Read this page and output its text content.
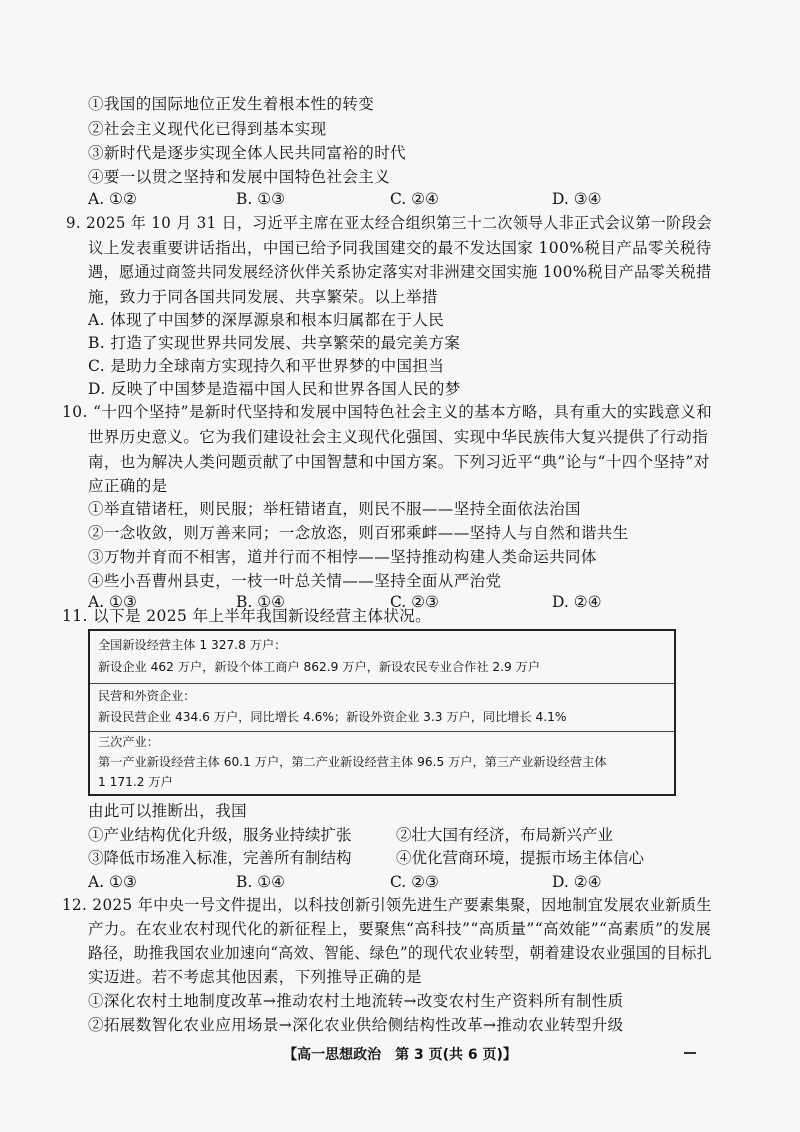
①我国的国际地位正发生着根本性的转变
②社会主义现代化已得到基本实现
③新时代是逐步实现全体人民共同富裕的时代
④要一以贯之坚持和发展中国特色社会主义
A. ①②	B. ①③	C. ②④	D. ③④
9. 2025 年 10 月 31 日，习近平主席在亚太经合组织第三十二次领导人非正式会议第一阶段会
议上发表重要讲话指出，中国已给予同我国建交的最不发达国家 100%税目产品零关税待
遇，愿通过商签共同发展经济伙伴关系协定落实对非洲建交国实施 100%税目产品零关税措
施，致力于同各国共同发展、共享繁荣。以上举措
A. 体现了中国梦的深厚源泉和根本归属都在于人民
B. 打造了实现世界共同发展、共享繁荣的最完美方案
C. 是助力全球南方实现持久和平世界梦的中国担当
D. 反映了中国梦是造福中国人民和世界各国人民的梦
10. “十四个坚持”是新时代坚持和发展中国特色社会主义的基本方略，具有重大的实践意义和
世界历史意义。它为我们建设社会主义现代化强国、实现中华民族伟大复兴提供了行动指
南，也为解决人类问题贡献了中国智慧和中国方案。下列习近平“典”论与“十四个坚持”对
应正确的是
①举直错诸枉，则民服；举枉错诸直，则民不服——坚持全面依法治国
②一念收敛，则万善来同；一念放恣，则百邪乘衅——坚持人与自然和谐共生
③万物并育而不相害，道并行而不相悖——坚持推动构建人类命运共同体
④些小吾曹州县吏，一枝一叶总关情——坚持全面从严治党
A. ①③	B. ①④	C. ②③	D. ②④
11. 以下是 2025 年上半年我国新设经营主体状况。
全国新设经营主体 1 327.8 万户：
新设企业 462 万户，新设个体工商户 862.9 万户，新设农民专业合作社 2.9 万户
民营和外资企业：
新设民营企业 434.6 万户，同比增长 4.6%；新设外资企业 3.3 万户，同比增长 4.1%
三次产业：
第一产业新设经营主体 60.1 万户，第二产业新设经营主体 96.5 万户，第三产业新设经营主体
1 171.2 万户
由此可以推断出，我国
①产业结构优化升级，服务业持续扩张	②壮大国有经济，布局新兴产业
③降低市场准入标准，完善所有制结构	④优化营商环境，提振市场主体信心
A. ①③	B. ①④	C. ②③	D. ②④
12. 2025 年中央一号文件提出，以科技创新引领先进生产要素集聚，因地制宜发展农业新质生
产力。在农业农村现代化的新征程上，要聚焦“高科技”“高质量”“高效能”“高素质”的发展
路径，助推我国农业加速向“高效、智能、绿色”的现代农业转型，朝着建设农业强国的目标扎
实迈进。若不考虑其他因素，下列推导正确的是
①深化农村土地制度改革→推动农村土地流转→改变农村生产资料所有制性质
②拓展数智化农业应用场景→深化农业供给侧结构性改革→推动农业转型升级
【高一思想政治　第 3 页(共 6 页)】
